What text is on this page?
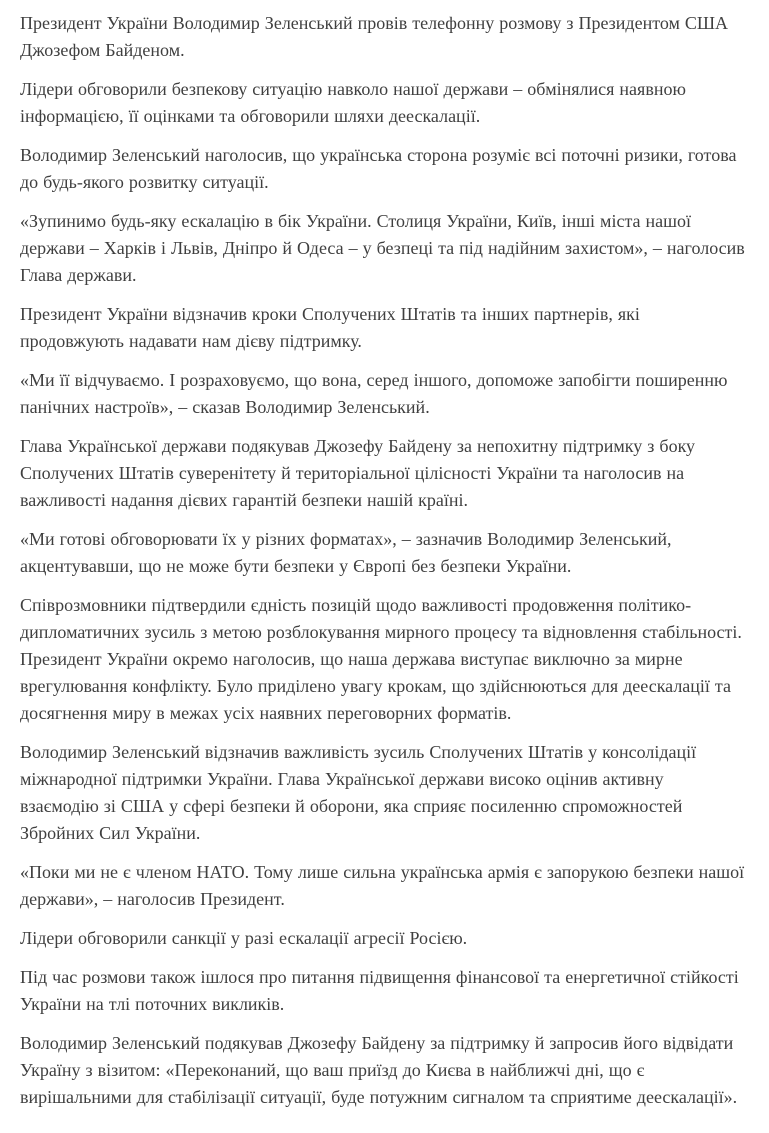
Президент України Володимир Зеленський провів телефонну розмову з Президентом США Джозефом Байденом.

Лідери обговорили безпекову ситуацію навколо нашої держави – обмінялися наявною інформацією, її оцінками та обговорили шляхи деескалації.

Володимир Зеленський наголосив, що українська сторона розуміє всі поточні ризики, готова до будь-якого розвитку ситуації.

«Зупинимо будь-яку ескалацію в бік України. Столиця України, Київ, інші міста нашої держави – Харків і Львів, Дніпро й Одеса – у безпеці та під надійним захистом», – наголосив Глава держави.

Президент України відзначив кроки Сполучених Штатів та інших партнерів, які продовжують надавати нам дієву підтримку.

«Ми її відчуваємо. І розраховуємо, що вона, серед іншого, допоможе запобігти поширенню панічних настроїв», – сказав Володимир Зеленський.

Глава Української держави подякував Джозефу Байдену за непохитну підтримку з боку Сполучених Штатів суверенітету й територіальної цілісності України та наголосив на важливості надання дієвих гарантій безпеки нашій країні.

«Ми готові обговорювати їх у різних форматах», – зазначив Володимир Зеленський, акцентувавши, що не може бути безпеки у Європі без безпеки України.

Співрозмовники підтвердили єдність позицій щодо важливості продовження політико-дипломатичних зусиль з метою розблокування мирного процесу та відновлення стабільності. Президент України окремо наголосив, що наша держава виступає виключно за мирне врегулювання конфлікту. Було приділено увагу крокам, що здійснюються для деескалації та досягнення миру в межах усіх наявних переговорних форматів.

Володимир Зеленський відзначив важливість зусиль Сполучених Штатів у консолідації міжнародної підтримки України. Глава Української держави високо оцінив активну взаємодію зі США у сфері безпеки й оборони, яка сприяє посиленню спроможностей Збройних Сил України.

«Поки ми не є членом НАТО. Тому лише сильна українська армія є запорукою безпеки нашої держави», – наголосив Президент.

Лідери обговорили санкції у разі ескалації агресії Росією.

Під час розмови також ішлося про питання підвищення фінансової та енергетичної стійкості України на тлі поточних викликів.

Володимир Зеленський подякував Джозефу Байдену за підтримку й запросив його відвідати Україну з візитом: «Переконаний, що ваш приїзд до Києва в найближчі дні, що є вирішальними для стабілізації ситуації, буде потужним сигналом та сприятиме деескалації».
